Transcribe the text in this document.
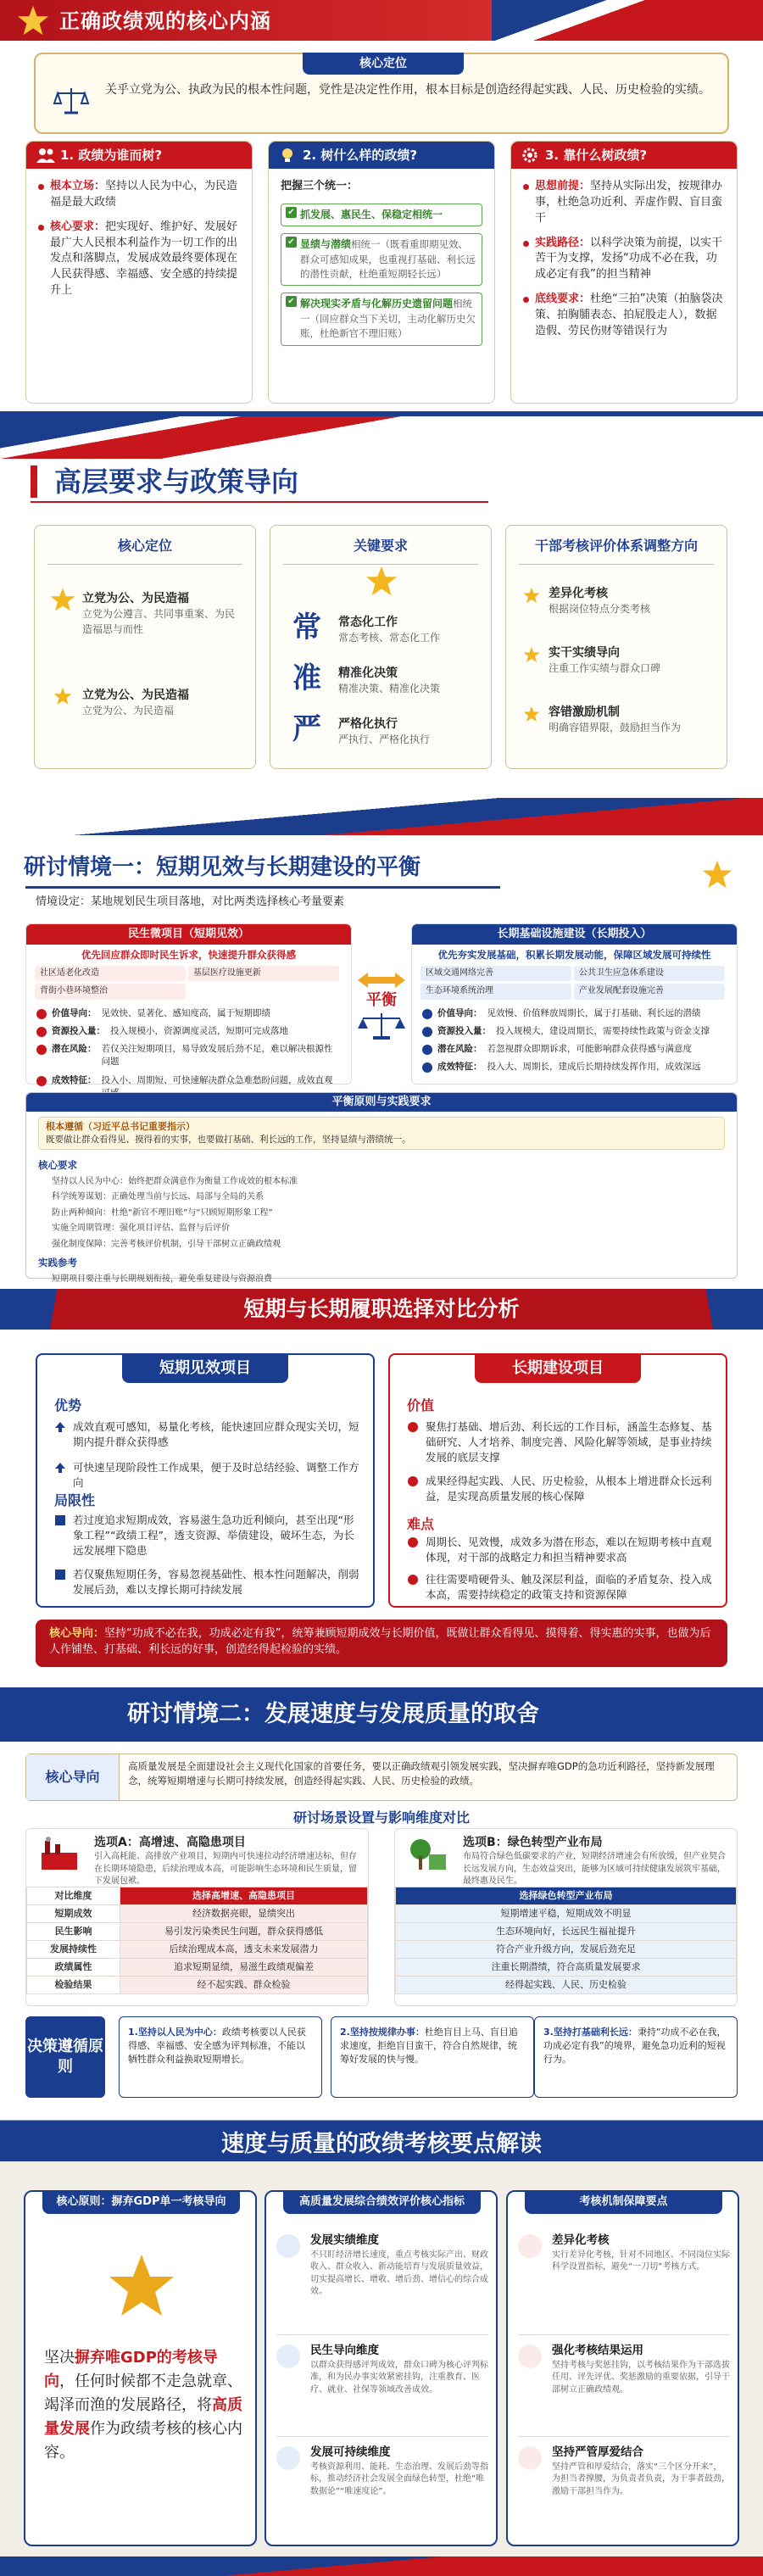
正确政绩观的核心内涵
核心定位

关乎立党为公、执政为民的根本性问题，党性是决定性作用，根本目标是创造经得起实践、人民、历史检验的实绩。

1. 政绩为谁而树?

根本立场：坚持以人民为中心，为民造福是最大政绩

核心要求：把实现好、维护好、发展好最广大人民根本利益作为一切工作的出发点和落脚点，发展成效最终要体现在人民获得感、幸福感、安全感的持续提升上

2. 树什么样的政绩?

把握三个统一：

✔ 抓发展、惠民生、保稳定相统一
✔ 显绩与潜绩相统一（既看重即期见效、群众可感知成果，也重视打基础、利长远的潜性贡献，杜绝重短期轻长远）
✔ 解决现实矛盾与化解历史遗留问题相统一（回应群众当下关切，主动化解历史欠账，杜绝新官不理旧账）
3. 靠什么树政绩?

思想前提：坚持从实际出发，按规律办事，杜绝急功近利、弄虚作假、盲目蛮干

实践路径：以科学决策为前提，以实干苦干为支撑，发扬“功成不必在我，功成必定有我”的担当精神

底线要求：杜绝“三拍”决策（拍脑袋决策、拍胸脯表态、拍屁股走人），数据造假、劳民伤财等错误行为

高层要求与政策导向
核心定位
立党为公、为民造福
立党为公遵言、共同事重案、为民造福思与而性
立党为公、为民造福
立党为公、为民造福
关键要求
常 常态化工作
常态考核、常态化工作
准 精准化决策
精准决策、精准化决策
严 严格化执行
严执行、严格化执行
干部考核评价体系调整方向
差异化考核
根据岗位特点分类考核
实干实绩导向
注重工作实绩与群众口碑
容错激励机制
明确容错界限，鼓励担当作为
研讨情境一：短期见效与长期建设的平衡
情境设定：某地规划民生项目落地，对比两类选择核心考量要素
民生微项目（短期见效）
优先回应群众即时民生诉求，快速提升群众获得感
社区适老化改造	基层医疗设施更新
背街小巷环境整治
价值导向： 见效快、显著化、感知度高，属于短期即绩
资源投入量： 投入规模小，资源调度灵活，短期可完成落地
潜在风险： 若仅关注短期项目，易导致发展后劲不足，难以解决根源性问题
成效特征： 投入小、周期短、可快速解决群众急难愁盼问题，成效直观
平衡
长期基础设施建设（长期投入）
优先夯实发展基础，积累长期发展动能，保障区域发展可持续性
区域交通网络完善	公共卫生应急体系建设
生态环境系统治理	产业发展配套设施完善
价值导向： 见效慢、价值释放周期长，属于打基础、利长远的潜绩
资源投入量： 投入规模大，建设周期长，需要持续性政策与资金支撑
潜在风险： 若忽视群众即期诉求，可能影响群众获得感与满意度
成效特征： 投入大、周期长，建成后长期持续发挥作用，成效深远
平衡原则与实践要求
根本遵循（习近平总书记重要指示）
既要做让群众看得见、摸得着的实事，也要做打基础、利长远的工作，坚持显绩与潜绩统一。
核心要求
坚持以人民为中心：始终把群众满意作为衡量工作成效的根本标准
科学统筹谋划：正确处理当前与长远、局部与全局的关系
防止两种倾向：杜绝“新官不理旧账”与“只顾短期形象工程”
实施全周期管理：强化项目评估、监督与后评价
强化制度保障：完善考核评价机制，引导干部树立正确政绩观
实践参考
短期项目要注重与长期规划衔接，避免重复建设与资源浪费
短期与长期履职选择对比分析
短期见效项目
优势
成效直观可感知，易量化考核，能快速回应群众现实关切，短期内提升群众获得感
可快速呈现阶段性工作成果，便于及时总结经验、调整工作方向
局限性
若过度追求短期成效，容易滋生急功近利倾向，甚至出现“形象工程”“政绩工程”，透支资源、举债建设，破坏生态，为长远发展埋下隐患
若仅聚焦短期任务，容易忽视基础性、根本性问题解决，削弱发展后劲，难以支撑长期可持续发展
长期建设项目
价值
聚焦打基础、增后劲、利长远的工作目标，涵盖生态修复、基础研究、人才培养、制度完善、风险化解等领域，是事业持续发展的底层支撑
成果经得起实践、人民、历史检验，从根本上增进群众长远利益，是实现高质量发展的核心保障
难点
周期长、见效慢，成效多为潜在形态，难以在短期考核中直观体现，对干部的战略定力和担当精神要求高
往往需要啃硬骨头、触及深层利益，面临的矛盾复杂、投入成本高，需要持续稳定的政策支持和资源保障
核心导向：坚持“功成不必在我，功成必定有我”，统筹兼顾短期成效与长期价值，既做让群众看得见、摸得着、得实惠的实事，也做为后人作铺垫、打基础、利长远的好事，创造经得起检验的实绩。
研讨情境二：发展速度与发展质量的取舍
核心导向

高质量发展是全面建设社会主义现代化国家的首要任务，要以正确政绩观引领发展实践，坚决摒弃唯GDP的急功近利路径，坚持新发展理念，统筹短期增速与长期可持续发展，创造经得起实践、人民、历史检验的政绩。

研讨场景设置与影响维度对比
选项A：高增速、高隐患项目
引入高耗能、高排放产业项目，短期内可快速拉动经济增速达标，但存在长期环境隐患，后续治理成本高，可能影响生态环境和民生质量，留下发展包袱。
对比维度	选择高增速、高隐患项目
短期成效	经济数据亮眼，显绩突出
民生影响	易引发污染类民生问题，群众获得感低
发展持续性	后续治理成本高，透支未来发展潜力
政绩属性	追求短期显绩，易滋生政绩观偏差
检验结果	经不起实践、群众检验
选项B：绿色转型产业布局
布局符合绿色低碳要求的产业，短期经济增速会有所放缓，但产业契合长远发展方向，生态效益突出，能够为区域可持续健康发展筑牢基础，最终惠及民生。
选择绿色转型产业布局
短期增速平稳，短期成效不明显
生态环境向好，长远民生福祉提升
符合产业升级方向，发展后劲充足
注重长期潜绩，符合高质量发展要求
经得起实践、人民、历史检验
决策遵循原则
1.坚持以人民为中心：政绩考核要以人民获得感、幸福感、安全感为评判标准，不能以牺牲群众利益换取短期增长。
2.坚持按规律办事：杜绝盲目上马、盲目追求速度，拒绝盲目蛮干，符合自然规律，统筹好发展的快与慢。
3.坚持打基础利长远：秉持“功成不必在我，功成必定有我”的境界，避免急功近利的短视行为。
速度与质量的政绩考核要点解读
核心原则：摒弃GDP单一考核导向
坚决摒弃唯GDP的考核导向，任何时候都不走急就章、竭泽而渔的发展路径，将高质量发展作为政绩考核的核心内容。
高质量发展综合绩效评价核心指标
发展实绩维度
不只盯经济增长速度，重点考核实际产出、财政收入、群众收入、新动能培育与发展质量效益，切实提高增长、增收、增后劲、增信心的综合成效。
民生导向维度
以群众获得感评判成效，群众口碑为核心评判标准，和为民办事实效紧密挂钩，注重教育、医疗、就业、社保等领域改善成效。
发展可持续维度
考核资源利用、能耗、生态治理、发展后劲等指标，推动经济社会发展全面绿色转型，杜绝“唯数据论”“唯速度论”。
考核机制保障要点
差异化考核
实行差异化考核，针对不同地区、不同岗位实际科学设置指标，避免“一刀切”考核方式。
强化考核结果运用
坚持考核与奖惩挂钩，以考核结果作为干部选拔任用、评先评优、奖惩激励的重要依据，引导干部树立正确政绩观。
坚持严管厚爱结合
坚持严管和厚爱结合，落实“三个区分开来”，为担当者撑腰，为负责者负责，为干事者鼓劲，激励干部担当作为。
